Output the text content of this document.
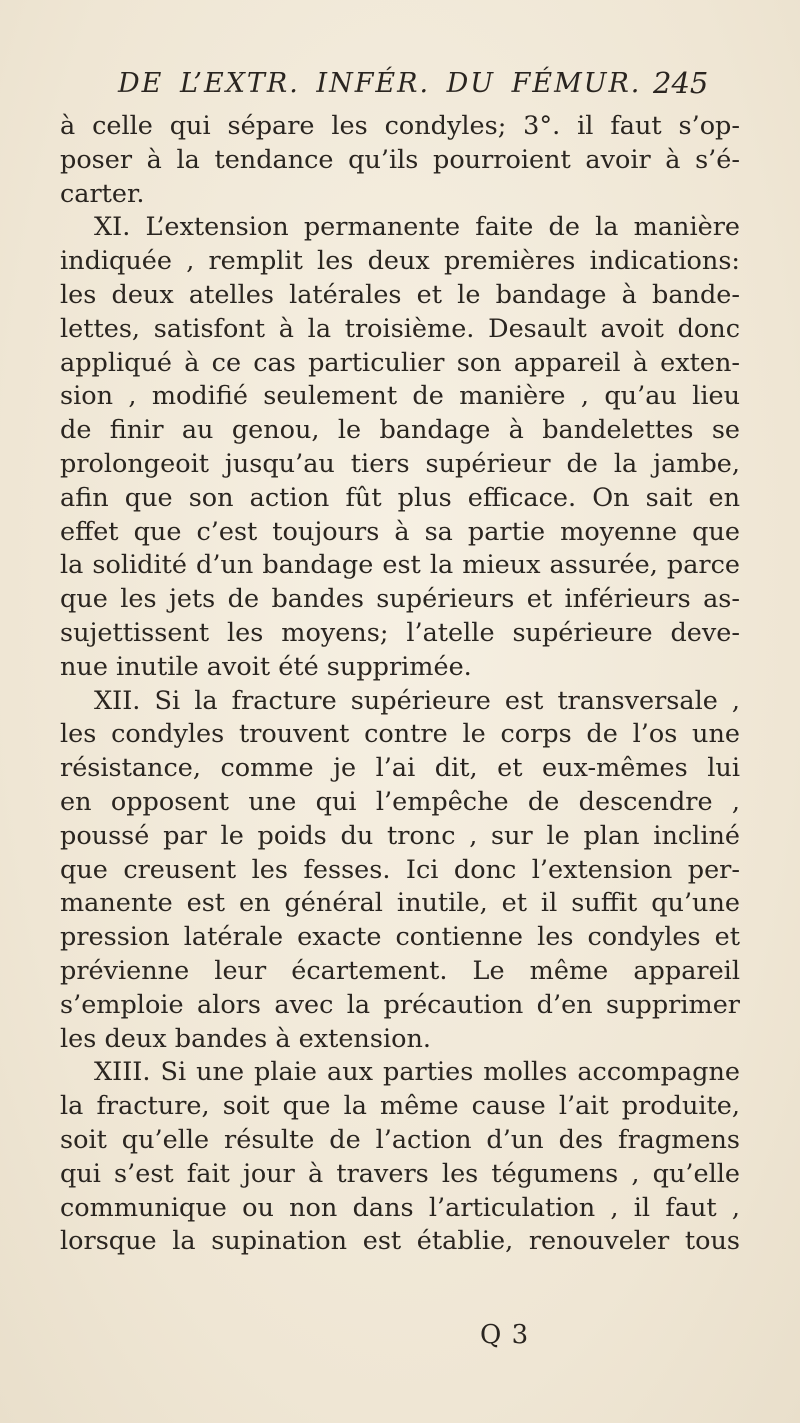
DE L’EXTR. INFÉR. DU FÉMUR. 245
à celle qui sépare les condyles; 3°. il faut s’op-
poser à la tendance qu’ils pourroient avoir à s’é-
carter.
XI. L’extension permanente faite de la manière
indiquée , remplit les deux premières indications:
les deux atelles latérales et le bandage à bande-
lettes, satisfont à la troisième. Desault avoit donc
appliqué à ce cas particulier son appareil à exten-
sion , modifié seulement de manière , qu’au lieu
de finir au genou, le bandage à bandelettes se
prolongeoit jusqu’au tiers supérieur de la jambe,
afin que son action fût plus efficace. On sait en
effet que c’est toujours à sa partie moyenne que
la solidité d’un bandage est la mieux assurée, parce
que les jets de bandes supérieurs et inférieurs as-
sujettissent les moyens; l’atelle supérieure deve-
nue inutile avoit été supprimée.
XII. Si la fracture supérieure est transversale ,
les condyles trouvent contre le corps de l’os une
résistance, comme je l’ai dit, et eux-mêmes lui
en opposent une qui l’empêche de descendre ,
poussé par le poids du tronc , sur le plan incliné
que creusent les fesses. Ici donc l’extension per-
manente est en général inutile, et il suffit qu’une
pression latérale exacte contienne les condyles et
prévienne leur écartement. Le même appareil
s’emploie alors avec la précaution d’en supprimer
les deux bandes à extension.
XIII. Si une plaie aux parties molles accompagne
la fracture, soit que la même cause l’ait produite,
soit qu’elle résulte de l’action d’un des fragmens
qui s’est fait jour à travers les tégumens , qu’elle
communique ou non dans l’articulation , il faut ,
lorsque la supination est établie, renouveler tous
Q 3
